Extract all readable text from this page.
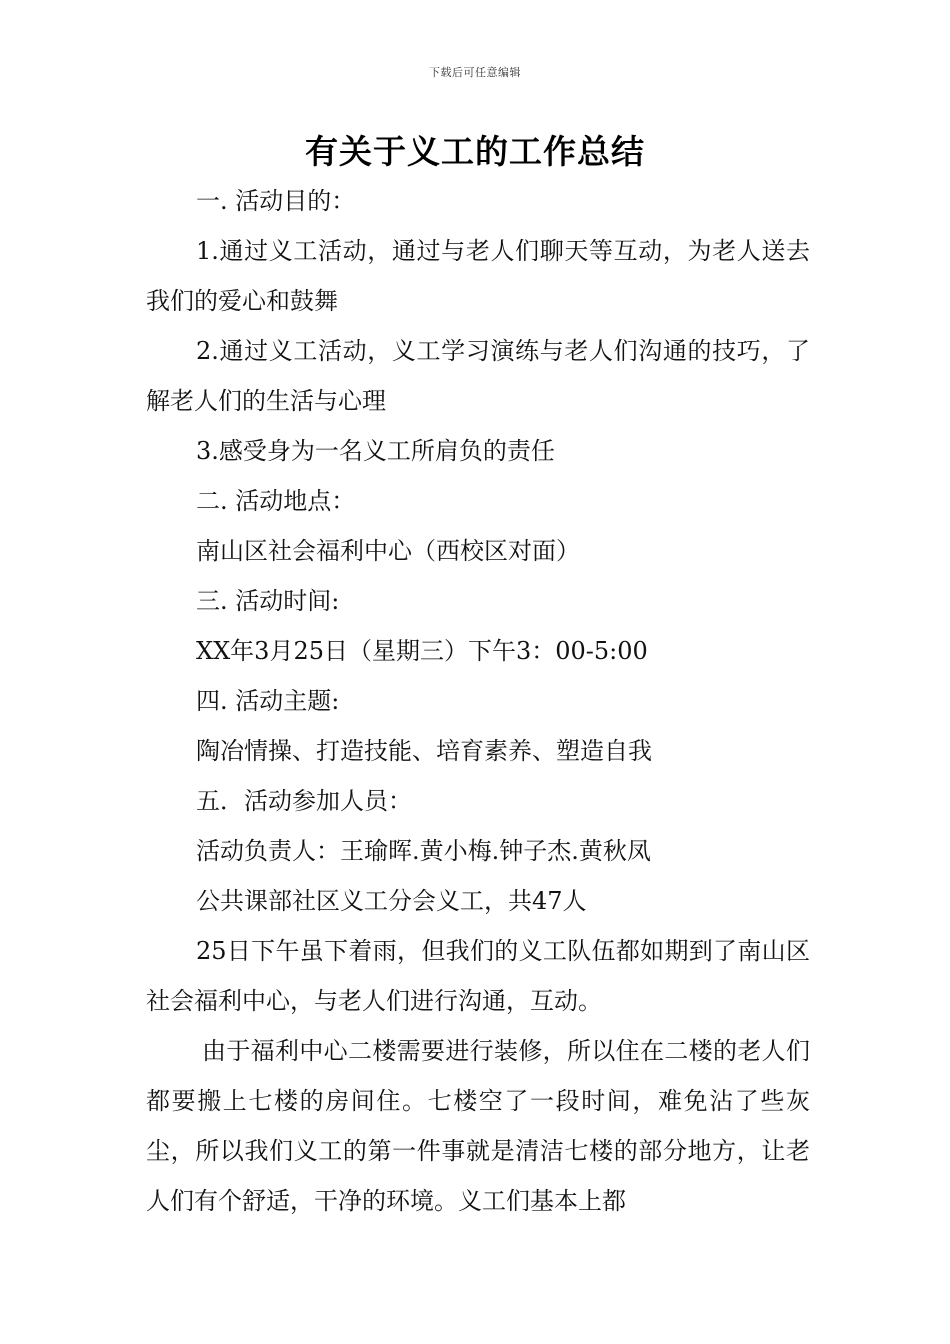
下载后可任意编辑
有关于义工的工作总结

一. 活动目的：

1.通过义工活动，通过与老人们聊天等互动，为老人送去我们的爱心和鼓舞

2.通过义工活动，义工学习演练与老人们沟通的技巧，了解老人们的生活与心理

3.感受身为一名义工所肩负的责任

二. 活动地点：

南山区社会福利中心（西校区对面）

三. 活动时间:

XX年3月25日（星期三）下午3：00-5:00

四. 活动主题:

陶冶情操、打造技能、培育素养、塑造自我

五．活动参加人员：

活动负责人：王瑜晖.黄小梅.钟子杰.黄秋凤

公共课部社区义工分会义工，共47人

25日下午虽下着雨，但我们的义工队伍都如期到了南山区社会福利中心，与老人们进行沟通，互动。

由于福利中心二楼需要进行装修，所以住在二楼的老人们都要搬上七楼的房间住。七楼空了一段时间，难免沾了些灰尘，所以我们义工的第一件事就是清洁七楼的部分地方，让老人们有个舒适，干净的环境。义工们基本上都
